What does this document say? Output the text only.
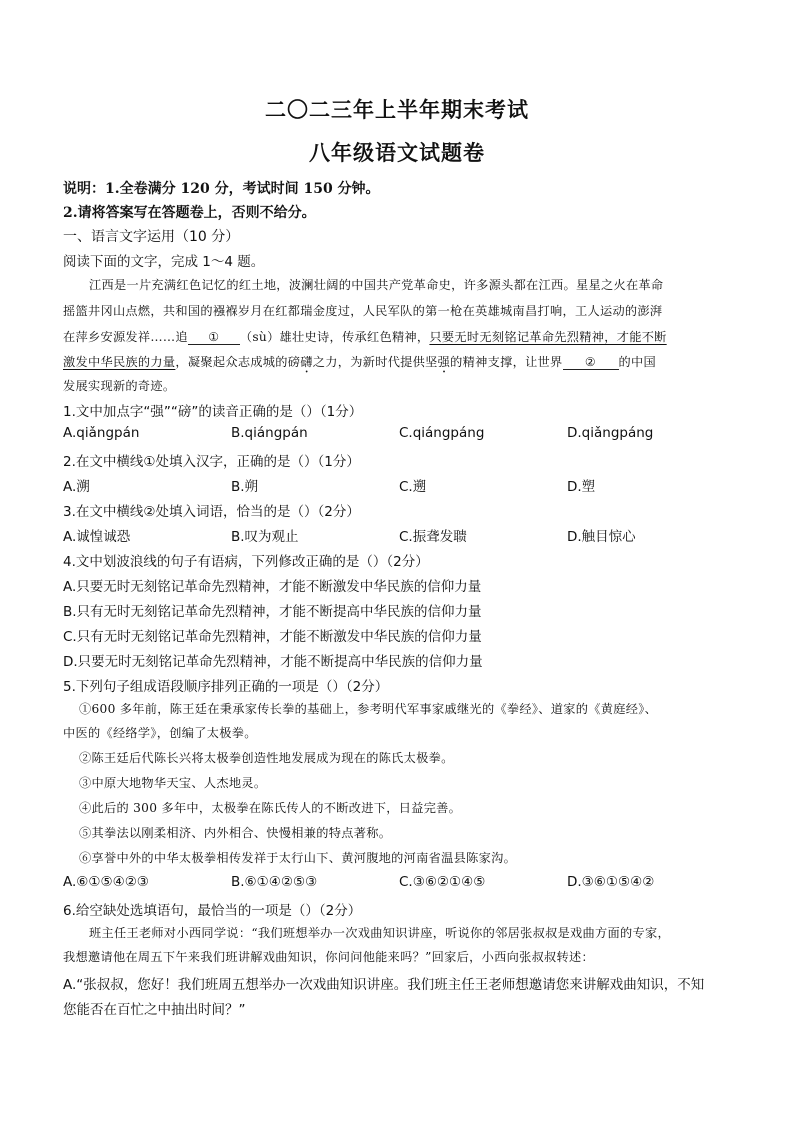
二〇二三年上半年期末考试
八年级语文试题卷
说明：1.全卷满分 120 分，考试时间 150 分钟。
2.请将答案写在答题卷上，否则不给分。
一、语言文字运用（10 分）
阅读下面的文字，完成 1～4 题。
江西是一片充满红色记忆的红土地，波澜壮阔的中国共产党革命史，许多源头都在江西。星星之火在革命
摇篮井冈山点燃，共和国的襁褓岁月在红都瑞金度过，人民军队的第一枪在英雄城南昌打响，工人运动的澎湃
在萍乡安源发祥……追 ① （sù）雄壮史诗，传承红色精神，只要无时无刻铭记革命先烈精神，才能不断
激发中华民族的力量，凝聚起众志成城的磅礴之力，为新时代提供坚强的精神支撑，让世界 ② 的中国
发展实现新的奇迹。
1.文中加点字“强”“磅”的读音正确的是（）（1分）
A.qiǎngpán	B.qiángpán	C.qiángpáng	D.qiǎngpáng
2.在文中横线①处填入汉字，正确的是（）（1分）
A.溯	B.朔	C.遡	D.塑
3.在文中横线②处填入词语，恰当的是（）（2分）
A.诚惶诚恐	B.叹为观止	C.振聋发聩	D.触目惊心
4.文中划波浪线的句子有语病，下列修改正确的是（）（2分）
A.只要无时无刻铭记革命先烈精神，才能不断激发中华民族的信仰力量
B.只有无时无刻铭记革命先烈精神，才能不断提高中华民族的信仰力量
C.只有无时无刻铭记革命先烈精神，才能不断激发中华民族的信仰力量
D.只要无时无刻铭记革命先烈精神，才能不断提高中华民族的信仰力量
5.下列句子组成语段顺序排列正确的一项是（）（2分）
①600 多年前，陈王廷在秉承家传长拳的基础上，参考明代军事家戚继光的《拳经》、道家的《黄庭经》、
中医的《经络学》，创编了太极拳。
②陈王廷后代陈长兴将太极拳创造性地发展成为现在的陈氏太极拳。
③中原大地物华天宝、人杰地灵。
④此后的 300 多年中，太极拳在陈氏传人的不断改进下，日益完善。
⑤其拳法以刚柔相济、内外相合、快慢相兼的特点著称。
⑥享誉中外的中华太极拳相传发祥于太行山下、黄河腹地的河南省温县陈家沟。
A.⑥①⑤④②③	B.⑥①④②⑤③	C.③⑥②①④⑤	D.③⑥①⑤④②
6.给空缺处选填语句，最恰当的一项是（）（2分）
班主任王老师对小西同学说：“我们班想举办一次戏曲知识讲座，听说你的邻居张叔叔是戏曲方面的专家，
我想邀请他在周五下午来我们班讲解戏曲知识，你问问他能来吗？”回家后，小西向张叔叔转述：
A.“张叔叔，您好！我们班周五想举办一次戏曲知识讲座。我们班主任王老师想邀请您来讲解戏曲知识，不知
您能否在百忙之中抽出时间？”
